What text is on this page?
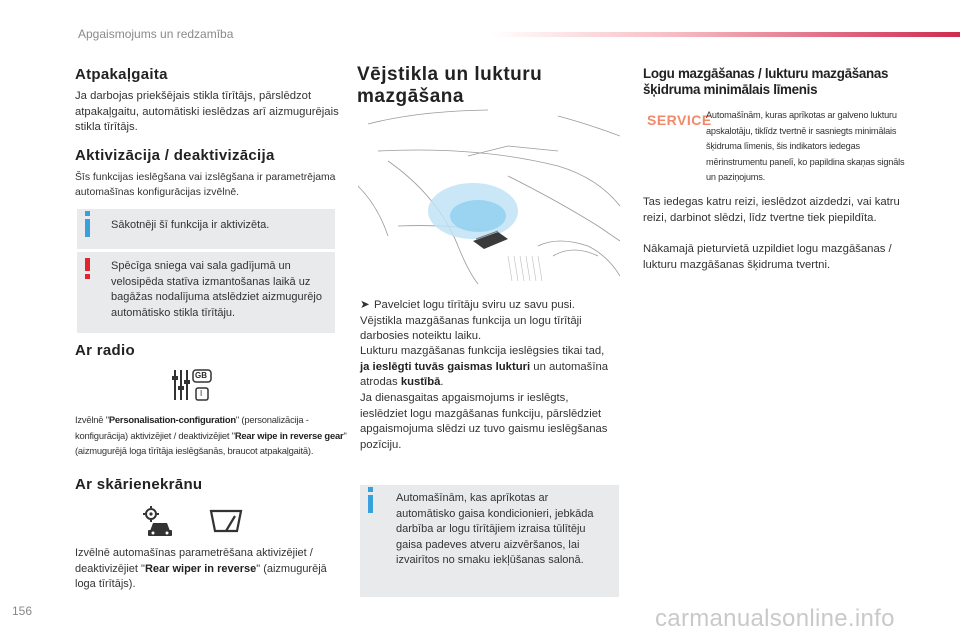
Apgaismojums un redzamība
Atpakaļgaita

Ja darbojas priekšējais stikla tīrītājs, pārslēdzot atpakaļgaitu, automātiski ieslēdzas arī aizmugurējais stikla tīrītājs.

Aktivizācija / deaktivizācija

Šīs funkcijas ieslēgšana vai izslēgšana ir parametrējama automašīnas konfigurācijas izvēlnē.

Sākotnēji šī funkcija ir aktivizēta.

Spēcīga sniega vai sala gadījumā un velosipēda statīva izmantošanas laikā uz bagāžas nodalījuma atslēdziet aizmugurējo automātisko stikla tīrītāju.

Ar radio
GB
I

Izvēlnē "Personalisation-configuration" (personalizācija - konfigurācija) aktivizējiet / deaktivizējiet "Rear wipe in reverse gear" (aizmugurējā loga tīrītāja ieslēgšanās, braucot atpakaļgaitā).

Ar skārienekrānu

Izvēlnē automašīnas parametrēšana aktivizējiet / deaktivizējiet "Rear wiper in reverse" (aizmugurējā loga tīrītājs).

Vējstikla un lukturu
mazgāšana

➤ Pavelciet logu tīrītāju sviru uz savu pusi. Vējstikla mazgāšanas funkcija un logu tīrītāji darbosies noteiktu laiku.

Lukturu mazgāšanas funkcija ieslēgsies tikai tad, ja ieslēgti tuvās gaismas lukturi un automašīna atrodas kustībā.

Ja dienasgaitas apgaismojums ir ieslēgts, ieslēdziet logu mazgāšanas funkciju, pārslēdziet apgaismojuma slēdzi uz tuvo gaismu ieslēgšanas pozīciju.

Automašīnām, kas aprīkotas ar automātisko gaisa kondicionieri, jebkāda darbība ar logu tīrītājiem izraisa tūlītēju gaisa padeves atveru aizvēršanos, lai izvairītos no smaku iekļūšanas salonā.

Logu mazgāšanas / lukturu mazgāšanas
šķidruma minimālais līmenis
SERVICE

Automašīnām, kuras aprīkotas ar galveno lukturu apskalotāju, tiklīdz tvertnē ir sasniegts minimālais šķidruma līmenis, šis indikators iedegas mērinstrumentu panelī, ko papildina skaņas signāls un paziņojums.

Tas iedegas katru reizi, ieslēdzot aizdedzi, vai katru reizi, darbinot slēdzi, līdz tvertne tiek piepildīta.

Nākamajā pieturvietā uzpildiet logu mazgāšanas / lukturu mazgāšanas šķidruma tvertni.

156	carmanualsonline.info
